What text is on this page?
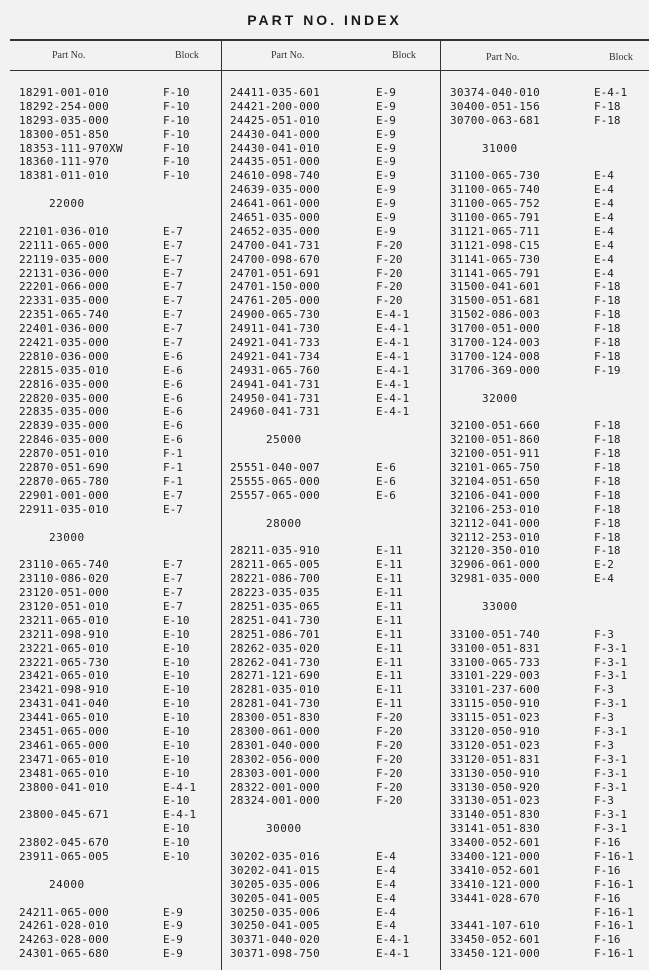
PART NO. INDEX
Part No.	Block	Part No.	Block	Part No.	Block
18291-001-010	F-10
18292-254-000	F-10
18293-035-000	F-10
18300-051-850	F-10
18353-111-970XW	F-10
18360-111-970	F-10
18381-011-010	F-10
22000
22101-036-010	E-7
22111-065-000	E-7
22119-035-000	E-7
22131-036-000	E-7
22201-066-000	E-7
22331-035-000	E-7
22351-065-740	E-7
22401-036-000	E-7
22421-035-000	E-7
22810-036-000	E-6
22815-035-010	E-6
22816-035-000	E-6
22820-035-000	E-6
22835-035-000	E-6
22839-035-000	E-6
22846-035-000	E-6
22870-051-010	F-1
22870-051-690	F-1
22870-065-780	F-1
22901-001-000	E-7
22911-035-010	E-7
23000
23110-065-740	E-7
23110-086-020	E-7
23120-051-000	E-7
23120-051-010	E-7
23211-065-010	E-10
23211-098-910	E-10
23221-065-010	E-10
23221-065-730	E-10
23421-065-010	E-10
23421-098-910	E-10
23431-041-040	E-10
23441-065-010	E-10
23451-065-000	E-10
23461-065-000	E-10
23471-065-010	E-10
23481-065-010	E-10
23800-041-010	E-4-1
E-10
23800-045-671	E-4-1
E-10
23802-045-670	E-10
23911-065-005	E-10
24000
24211-065-000	E-9
24261-028-010	E-9
24263-028-000	E-9
24301-065-680	E-9
24411-035-601	E-9
24421-200-000	E-9
24425-051-010	E-9
24430-041-000	E-9
24430-041-010	E-9
24435-051-000	E-9
24610-098-740	E-9
24639-035-000	E-9
24641-061-000	E-9
24651-035-000	E-9
24652-035-000	E-9
24700-041-731	F-20
24700-098-670	F-20
24701-051-691	F-20
24701-150-000	F-20
24761-205-000	F-20
24900-065-730	E-4-1
24911-041-730	E-4-1
24921-041-733	E-4-1
24921-041-734	E-4-1
24931-065-760	E-4-1
24941-041-731	E-4-1
24950-041-731	E-4-1
24960-041-731	E-4-1
25000
25551-040-007	E-6
25555-065-000	E-6
25557-065-000	E-6
28000
28211-035-910	E-11
28211-065-005	E-11
28221-086-700	E-11
28223-035-035	E-11
28251-035-065	E-11
28251-041-730	E-11
28251-086-701	E-11
28262-035-020	E-11
28262-041-730	E-11
28271-121-690	E-11
28281-035-010	E-11
28281-041-730	E-11
28300-051-830	F-20
28300-061-000	F-20
28301-040-000	F-20
28302-056-000	F-20
28303-001-000	F-20
28322-001-000	F-20
28324-001-000	F-20
30000
30202-035-016	E-4
30202-041-015	E-4
30205-035-006	E-4
30205-041-005	E-4
30250-035-006	E-4
30250-041-005	E-4
30371-040-020	E-4-1
30371-098-750	E-4-1
30374-040-010	E-4-1
30400-051-156	F-18
30700-063-681	F-18
31000
31100-065-730	E-4
31100-065-740	E-4
31100-065-752	E-4
31100-065-791	E-4
31121-065-711	E-4
31121-098-C15	E-4
31141-065-730	E-4
31141-065-791	E-4
31500-041-601	F-18
31500-051-681	F-18
31502-086-003	F-18
31700-051-000	F-18
31700-124-003	F-18
31700-124-008	F-18
31706-369-000	F-19
32000
32100-051-660	F-18
32100-051-860	F-18
32100-051-911	F-18
32101-065-750	F-18
32104-051-650	F-18
32106-041-000	F-18
32106-253-010	F-18
32112-041-000	F-18
32112-253-010	F-18
32120-350-010	F-18
32906-061-000	E-2
32981-035-000	E-4
33000
33100-051-740	F-3
33100-051-831	F-3-1
33100-065-733	F-3-1
33101-229-003	F-3-1
33101-237-600	F-3
33115-050-910	F-3-1
33115-051-023	F-3
33120-050-910	F-3-1
33120-051-023	F-3
33120-051-831	F-3-1
33130-050-910	F-3-1
33130-050-920	F-3-1
33130-051-023	F-3
33140-051-830	F-3-1
33141-051-830	F-3-1
33400-052-601	F-16
33400-121-000	F-16-1
33410-052-601	F-16
33410-121-000	F-16-1
33441-028-670	F-16
F-16-1
33441-107-610	F-16-1
33450-052-601	F-16
33450-121-000	F-16-1
